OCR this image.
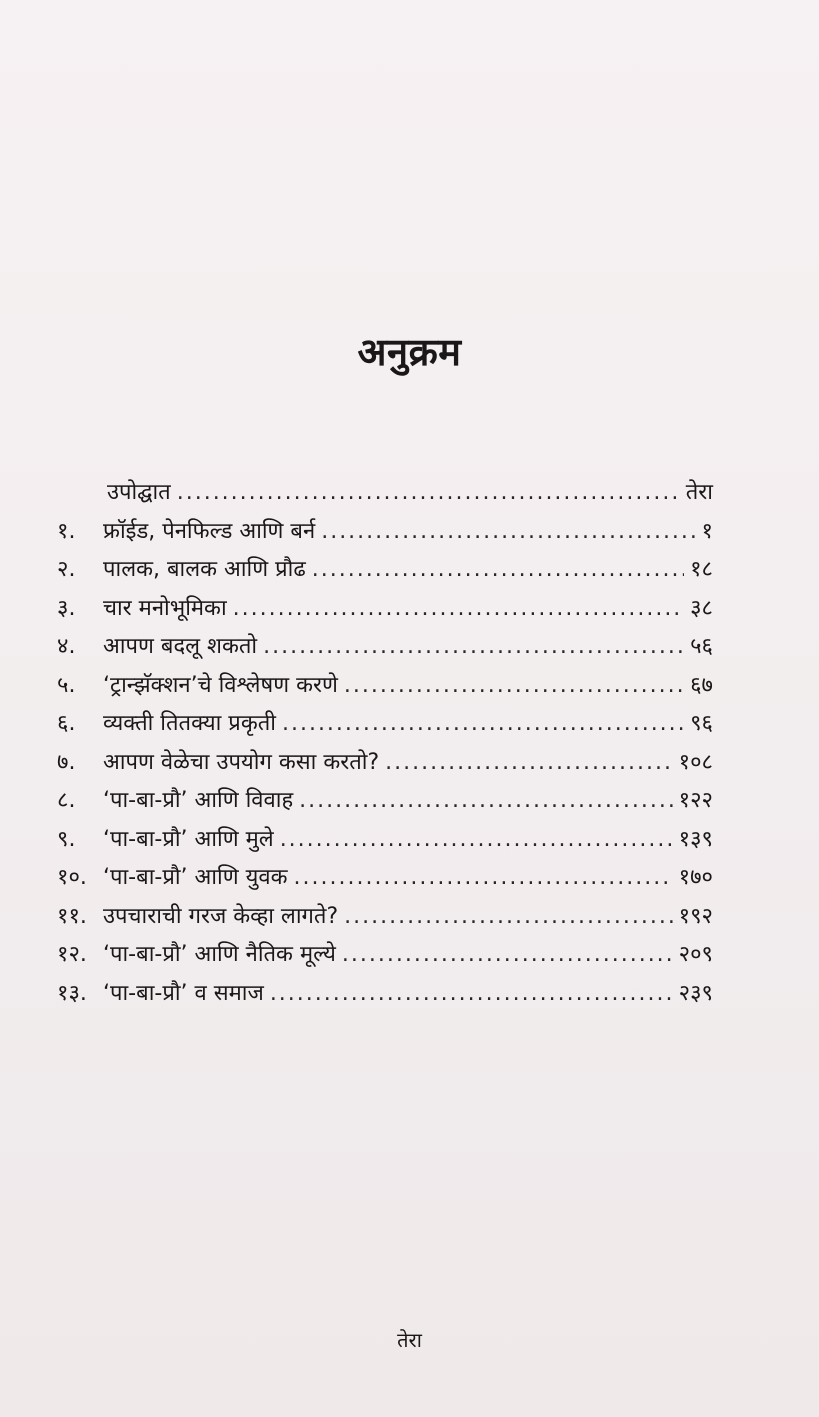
अनुक्रम
उपोद्घात .....	तेरा
१.	फ्रॉईड, पेनफिल्ड आणि बर्न .....	१
२.	पालक, बालक आणि प्रौढ .....	१८
३.	चार मनोभूमिका .....	३८
४.	आपण बदलू शकतो .....	५६
५.	‘ट्रान्झॅक्शन’चे विश्लेषण करणे .....	६७
६.	व्यक्ती तितक्या प्रकृती .....	९६
७.	आपण वेळेचा उपयोग कसा करतो? .....	१०८
८.	‘पा-बा-प्रौ’ आणि विवाह .....	१२२
९.	‘पा-बा-प्रौ’ आणि मुले .....	१३९
१०. ‘पा-बा-प्रौ’ आणि युवक .....	१७०
११. उपचाराची गरज केव्हा लागते? .....	१९२
१२. ‘पा-बा-प्रौ’ आणि नैतिक मूल्ये .....	२०९
१३. ‘पा-बा-प्रौ’ व समाज .....	२३९
तेरा
